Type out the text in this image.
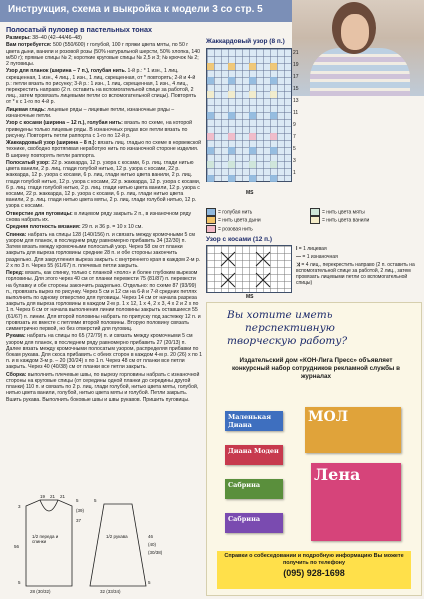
Инструкция, схема и выкройка к модели 3 со стр. 5
Полосатый пуловер в пастельных тонах

Размеры: 38–40 (42–44/46–48)

Вам потребуется: 500 (550/600) г голубой, 100 г пряжи цвета мяты, по 50 г цвета дыни, ванили и розовой розы (50% натуральной шерсти, 50% хлопка, 140 м/50 г); прямые спицы № 2; короткие круговые спицы № 2,5 и 3; № крючок № 2; 2 пуговицы.

Узор для планок (ширина – 7 п.), голубая нить. 1-й р.: * 1 изн., 1 лиц. скрещенная, 1 изн., 4 лиц., 1 изн., 1 лиц. скрещенная, от * повторять; 2-й и 4-й р.: петли вязать по рисунку; 3-й р.: 1 изн., 1 лиц. скрещенная, 1 изн., 4 лиц., перекрестить направо (2 п. оставить на вспомогательной спице за работой, 2 лиц., затем провязать лицевыми петли со вспомогательной спицы). Повторять от * к с 1-го по 4-й р.

Лицевая гладь: лицевые ряды – лицевые петли, изнаночные ряды – изнаночные петли.

Узор с косами (ширина – 12 п.), голубая нить: вязать по схеме, на которой приведены только лицевые ряды. В изнаночных рядах все петли вязать по рисунку. Повторять петли раппорта с 1-го по 12-й р.

Жаккардовый узор (ширина – 8 п.): вязать лиц. гладью по схеме в норвежской технике, свободно протягивая неработую нить по изнаночной стороне изделия. В ширину повторять петли раппорта.

Полосатый узор: 22 р. жаккарда, 12 р. узора с косами, 6 р. лиц. глади нитью цвета ванили, 2 р. лиц. глади голубой нитью, 12 р. узора с косами, 22 р. жаккарда, 12 р. узора с косами, 6 р. лиц. глади нитью цвета ванили, 2 р. лиц. глади голубой нитью, 12 р. узора с косами, 22 р. жаккарда, 12 р. узора с косами, 6 р. лиц. глади голубой нитью, 2 р. лиц. глади нитью цвета ванили, 12 р. узора с косами, 22 р. жаккарда, 12 р. узора с косами, 6 р. лиц. глади нитью цвета ванили, 2 р. лиц. глади нитью цвета мяты, 2 р. лиц. глади голубой нитью, 12 р. узора с косами.

Отверстие для пуговицы: в лицевом ряду закрыть 2 п., в изнаночном ряду снова набрать их.

Средняя плотность вязания: 29 п. и 36 р. = 10 х 10 см.

Спинка: набрать на спицы 128 (140/156) п. и связать между кромочными 5 см узором для планок, в последнем ряду равномерно прибавить 34 (32/30) п. Затем вязать между кромочными полосатый узор. Через 58 см от планки закрыть для выреза горловины средние 28 п. и обе стороны закончить раздельно. Для закругления выреза закрыть с внутреннего края в каждом 2-м р. 2 х по 3 п. Через 55 (61/67) п. плечевых петли закрыть.

Перед: вязать, как спинку, только с планкой «поло» и более глубоким вырезом горловины. Для этого через 40 см от планки перевести 75 (81/87) п. перевести на булавку и обе стороны закончить раздельно. Отдельно: по схеме 87 (93/99) п., провязать вырез по рисунку. Через 5 см и 12 см на 6-й и 7-й средних петлях выполнить по одному отверстию для пуговицы. Через 14 см от начала разреза закрыть для выреза горловины в каждом 2-м р. 1 х 12, 1 х 4, 2 х 3, 4 х 2 и 2 х по 1 п. Через 6 см от начала выполнения линии половины закрыть оставшиеся 55 (61/67) п. линии. Для второй половины набрать по припуску под застежку 12 п. и провязать их вместе с петлями второй половины. Вторую половину связать симметрично первой, но без отверстий для пуговиц.

Рукава: набрать на спицы по 65 (72/79) п. и связать между кромочными 5 см узором для планок, в последнем ряду равномерно прибавить 27 (20/13) п. Далее вязать между кромочными полосатым узором, распределяя прибавки по бокам рукава. Для скоса прибавить с обеих сторон в каждом 4-м р. 20 (26) х по 1 п. и в каждом 3-м р. – 20 (30/24) х по 1 п. Через 48 см от планки все петли закрыть. Через 40 (40/38) см от планки все петли закрыть.

Сборка: выполнить плечевые швы, по вырезу горловины набрать с изнаночной стороны на круговые спицы (от середины одной планки до середины другой планки) 110 п. и связать по 2 р. лиц. глади голубой, нитью цвета мяты, голубой, нитью цвета ванили, голубой, нитью цвета мяты и голубой. Петли закрыть. Вшить рукава. Выполнить боковые швы и швы рукавов. Пришить пуговицы.

Жаккардовый узор (8 п.)
21
19
17
15
13
11
9
7
5
3
1
MS
= голубая нить	= нить цвета мяты= нить цвета дыни	= нить цвета ванили= розовая нить
Узор с косами (12 п.)
MS
I = 1 лицевая
— = 1 изнаночная
⤨ = 4 лиц., перекрестить направо (2 п. оставить на вспомогательной спице за работой, 2 лиц., затем провязать лицевыми петли со вспомогательной спицы)
Вы хотите иметь
перспективную
творческую работу?
Издательский дом «КОН-Лига Пресс» объявляет конкурсный набор сотрудников рекламной службы в журналах
Маленькая Диана	МОЛ
Диана Моден
Сабрина
Лена
Сабрина
Справки о собеседовании и подробную информацию Вы можете получить по телефону
(095) 928-1698
1/2 переда и спинки
1/2 рукава
19 21 21
5
(39)
37
3
56
5
5
46
(40)
(30/38)
5
28 (30/32)	32 (33/34)
